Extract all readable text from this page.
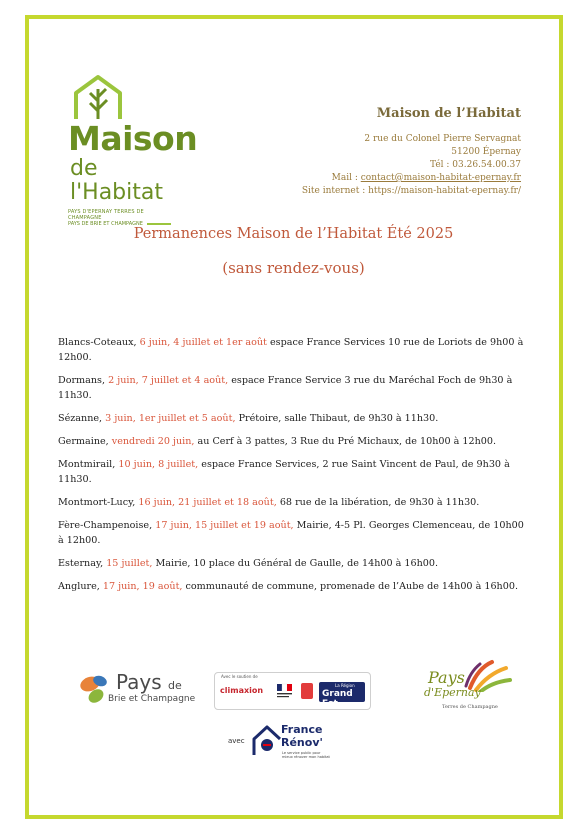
Maison
de l'Habitat
PAYS D'EPERNAY TERRES DE CHAMPAGNE
PAYS DE BRIE ET CHAMPAGNE
Maison de l’Habitat
2 rue du Colonel Pierre Servagnat
51200 Épernay
Tél : 03.26.54.00.37
Mail : contact@maison-habitat-epernay.fr
Site internet : https://maison-habitat-epernay.fr/
Permanences Maison de l’Habitat Été 2025
(sans rendez-vous)
Blancs-Coteaux, 6 juin, 4 juillet et 1er août espace France Services 10 rue de Loriots de 9h00 à 12h00.
Dormans, 2 juin, 7 juillet et 4 août, espace France Service 3 rue du Maréchal Foch de 9h30 à 11h30.
Sézanne, 3 juin, 1er juillet et 5 août, Prétoire, salle Thibaut, de 9h30 à 11h30.
Germaine, vendredi 20 juin, au Cerf à 3 pattes, 3 Rue du Pré Michaux, de 10h00 à 12h00.
Montmirail, 10 juin, 8 juillet, espace France Services, 2 rue Saint Vincent de Paul, de 9h30 à 11h30.
Montmort-Lucy, 16 juin, 21 juillet et 18 août, 68 rue de la libération, de 9h30 à 11h30.
Fère-Champenoise, 17 juin, 15 juillet et 19 août, Mairie, 4-5 Pl. Georges Clemenceau, de 10h00 à 12h00.
Esternay, 15 juillet, Mairie, 10 place du Général de Gaulle, de 14h00 à 16h00.
Anglure, 17 juin, 19 août, communauté de commune, promenade de l’Aube de 14h00 à 16h00.
Pays de
Brie et Champagne
Avec le soutien de
climaxion
La Région
Grand Est
Pays
d'Epernay
Terres de Champagne
avec
France
Rénov'
Le service public pour mieux rénover mon habitat
